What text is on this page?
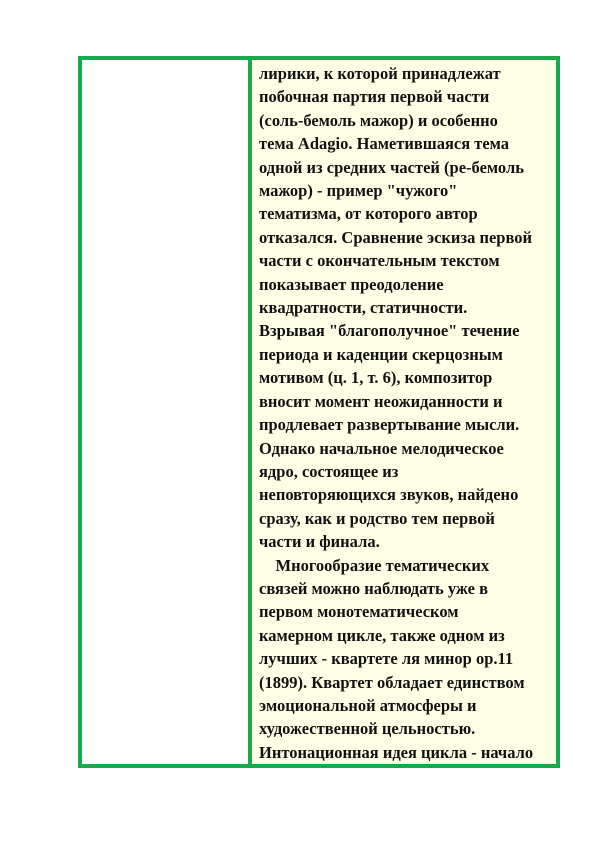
лирики, к которой принадлежат
побочная партия первой части
(соль-бемоль мажор) и особенно
тема Adagio. Наметившаяся тема
одной из средних частей (ре-бемоль
мажор) - пример "чужого"
тематизма, от которого автор
отказался. Сравнение эскиза первой
части с окончательным текстом
показывает преодоление
квадратности, статичности.
Взрывая "благополучное" течение
периода и каденции скерцозным
мотивом (ц. 1, т. 6), композитор
вносит момент неожиданности и
продлевает развертывание мысли.
Однако начальное мелодическое
ядро, состоящее из
неповторяющихся звуков, найдено
сразу, как и родство тем первой
части и финала.

Многообразие тематических
связей можно наблюдать уже в
первом монотематическом
камерном цикле, также одном из
лучших - квартете ля минор ор.11
(1899). Квартет обладает единством
эмоциональной атмосферы и
художественной цельностью.
Интонационная идея цикла - начало
